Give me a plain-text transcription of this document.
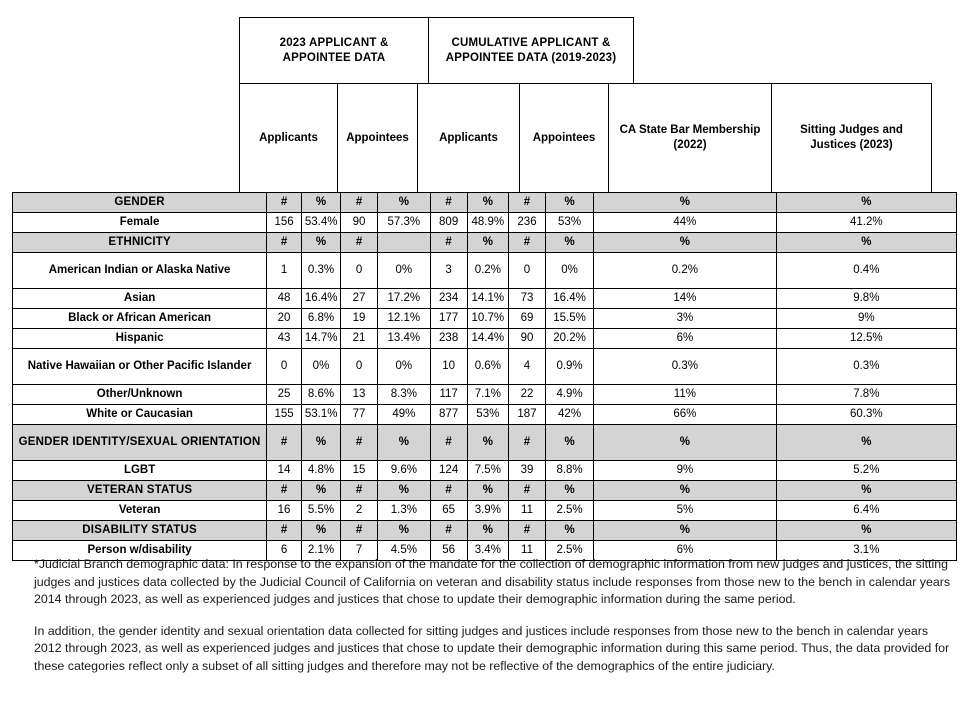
2023 APPLICANT & APPOINTEE DATA
CUMULATIVE APPLICANT & APPOINTEE DATA (2019-2023)
Applicants	Appointees	Applicants	Appointees
CA State Bar Membership (2022)
Sitting Judges and Justices (2023)
GENDER	#	%	#	%	#	%	#	%	%	%
Female	156	53.4%	90	57.3%	809	48.9%	236	53%	44%	41.2%
ETHNICITY	#	%	#		#	%	#	%	%	%
American Indian or Alaska Native	1	0.3%	0	0%	3	0.2%	0	0%	0.2%	0.4%
Asian	48	16.4%	27	17.2%	234	14.1%	73	16.4%	14%	9.8%
Black or African American	20	6.8%	19	12.1%	177	10.7%	69	15.5%	3%	9%
Hispanic	43	14.7%	21	13.4%	238	14.4%	90	20.2%	6%	12.5%
Native Hawaiian or Other Pacific Islander	0	0%	0	0%	10	0.6%	4	0.9%	0.3%	0.3%
Other/Unknown	25	8.6%	13	8.3%	117	7.1%	22	4.9%	11%	7.8%
White or Caucasian	155	53.1%	77	49%	877	53%	187	42%	66%	60.3%
GENDER IDENTITY/SEXUAL ORIENTATION	#	%	#	%	#	%	#	%	%	%
LGBT	14	4.8%	15	9.6%	124	7.5%	39	8.8%	9%	5.2%
VETERAN STATUS	#	%	#	%	#	%	#	%	%	%
Veteran	16	5.5%	2	1.3%	65	3.9%	11	2.5%	5%	6.4%
DISABILITY STATUS	#	%	#	%	#	%	#	%	%	%
Person w/disability	6	2.1%	7	4.5%	56	3.4%	11	2.5%	6%	3.1%

*Judicial Branch demographic data: In response to the expansion of the mandate for the collection of demographic information from new judges and justices, the sitting judges and justices data collected by the Judicial Council of California on veteran and disability status include responses from those new to the bench in calendar years 2014 through 2023, as well as experienced judges and justices that chose to update their demographic information during the same period.

In addition, the gender identity and sexual orientation data collected for sitting judges and justices include responses from those new to the bench in calendar years 2012 through 2023, as well as experienced judges and justices that chose to update their demographic information during this same period. Thus, the data provided for these categories reflect only a subset of all sitting judges and therefore may not be reflective of the demographics of the entire judiciary.
